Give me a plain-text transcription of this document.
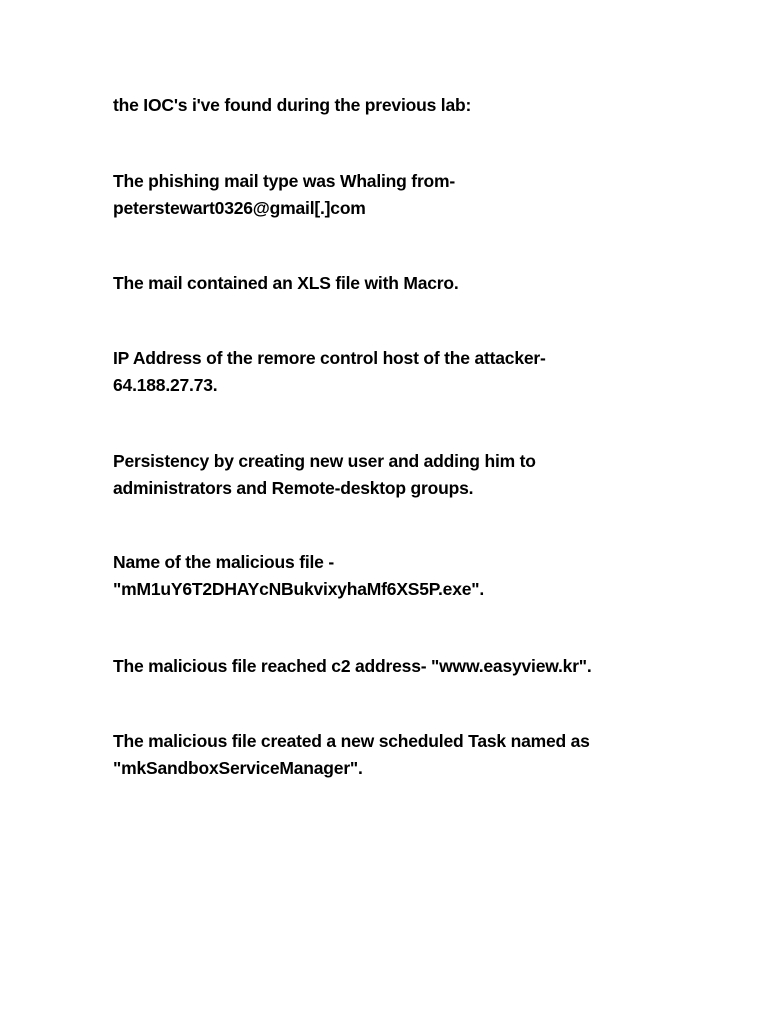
the IOC's i've found during the previous lab:

The phishing mail type was Whaling from-
peterstewart0326@gmail[.]com

The mail contained an XLS file with Macro.

IP Address of the remore control host of the attacker-
64.188.27.73.

Persistency by creating new user and adding him to
administrators and Remote-desktop groups.

Name of the malicious file -
"mM1uY6T2DHAYcNBukvixyhaMf6XS5P.exe".

The malicious file reached c2 address- "www.easyview.kr".

The malicious file created a new scheduled Task named as
"mkSandboxServiceManager".
